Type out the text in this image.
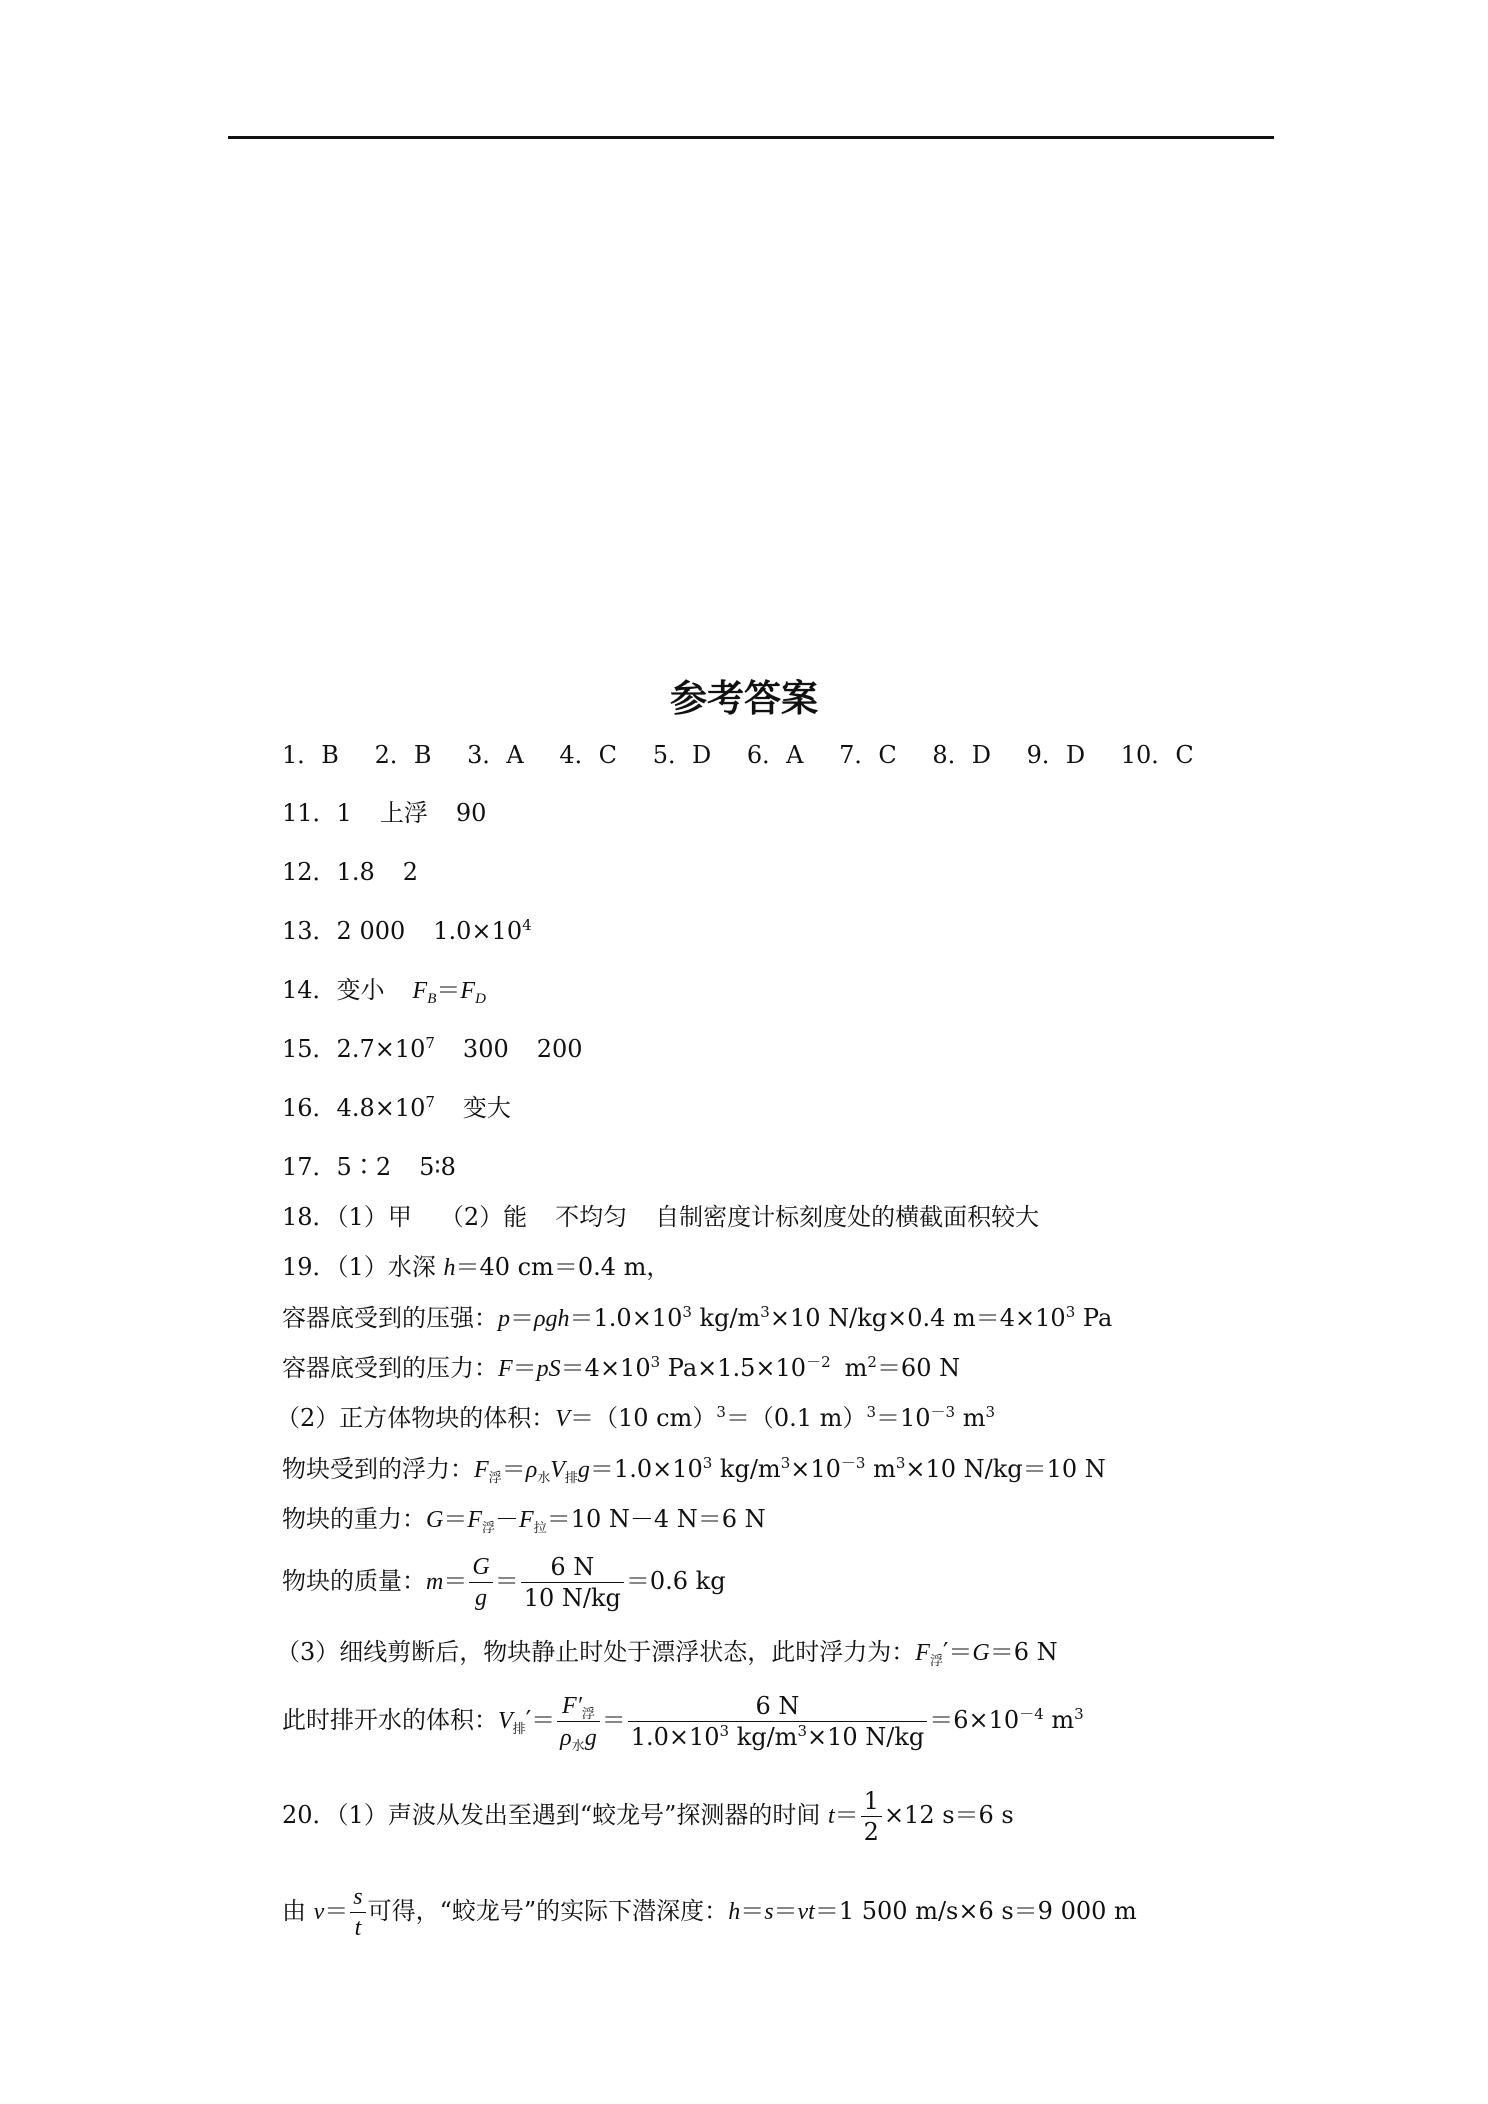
参考答案
1．B 2．B 3．A 4．C 5．D 6．A 7．C 8．D 9．D 10．C
11．1 上浮 90
12．1.8 2
13．2 000 $1.0\times 10^4$
14．变小 $F_B=F_D$
15．$2.7\times 10^7$ 300 200
16．$4.8\times 10^7$ 变大
17．5∶2 5∶8
18．（1）甲 （2）能 不均匀 自制密度计标刻度处的横截面积较大
19．（1）水深 h＝40 cm＝0.4 m，
容器底受到的压强：$p=\rho gh=1.0\times 10^3$ $kg/m^3\times 10$ N/kg×0.4 $m=4\times 10^3$ Pa
容器底受到的压力：$F=pS=4\times 10^3$ $Pa\times 1.5\times 10^{-2}$ $m^2=60$ N
（2）正方体物块的体积：V＝（10 cm）$^3$＝（0.1 $m)^3=10^{-3}$ $m^3$
物块受到的浮力：$F_浮=\rho_水V_排g=1.0\times 10^3$ $kg/m^3\times 10^{-3}$ $m^3\times 10$ N/kg＝10 N
物块的重力：$G=F_浮-F_拉=10$ N－4 N＝6 N
物块的质量：$m= \frac{G}{g} = \frac{6 N}{10 N/kg} =0.6$ kg
（3）细线剪断后，物块静止时处于漂浮状态，此时浮力为：$F_浮'=G=6$ N
此时排开水的体积：$V_排'= \frac{F'_浮}{\rho_水g} = \frac{6 N}{1.0\times 10^3 kg/m^3\times 10 N/kg} =6\times 10^{-4}$ $m^3$
20．（1）声波从发出至遇到“蛟龙号”探测器的时间 $t= \frac{1}{2} \times 12$ s＝6 s
由 $v= \frac{s}{t}$ 可得，“蛟龙号”的实际下潜深度：h＝s＝vt＝1 500 m/s×6 s＝9 000 m
